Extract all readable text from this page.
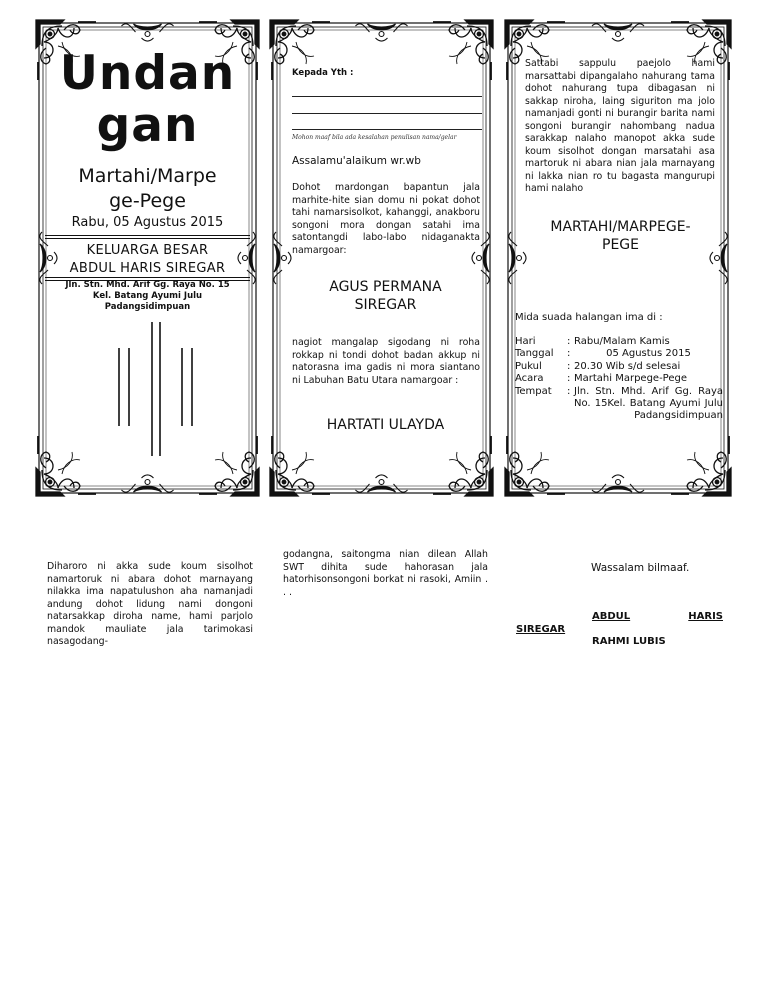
Undan
gan
Martahi/Marpe
ge-Pege
Rabu, 05 Agustus 2015
KELUARGA BESAR
ABDUL HARIS SIREGAR
Jln. Stn. Mhd. Arif Gg. Raya No. 15
Kel. Batang Ayumi Julu
Padangsidimpuan
Kepada Yth :
Mohon maaf bila ada kesalahan penulisan nama/gelar
Assalamu'alaikum wr.wb
Dohot mardongan bapantun jala marhite-hite sian domu ni pokat dohot tahi namarsisolkot, kahanggi, anakboru songoni mora dongan satahi ima satontangdi labo-labo nidaganakta namargoar:
AGUS PERMANA
SIREGAR
nagiot mangalap sigodang ni roha rokkap ni tondi dohot badan akkup ni natorasna ima gadis ni mora siantano ni Labuhan Batu Utara namargoar :
HARTATI ULAYDA
Sattabi sappulu paejolo hami marsattabi dipangalaho nahurang tama dohot nahurang tupa dibagasan ni sakkap niroha, laing siguriton ma jolo namanjadi gonti ni burangir barita nami songoni burangir nahombang nadua sarakkap nalaho manopot akka sude koum sisolhot dongan marsatahi asa martoruk ni abara nian jala marnayang ni lakka nian ro tu bagasta mangurupi hami nalaho
MARTAHI/MARPEGE-
PEGE
Mida suada halangan ima di :
Hari	:	Rabu/Malam Kamis
Tanggal	:	05 Agustus 2015
Pukul	:	20.30 Wib s/d selesai
Acara	:	Martahi Marpege-Pege
Tempat	:	Jln. Stn. Mhd. Arif Gg. Raya No. 15Kel. Batang Ayumi Julu Padangsidimpuan
Diharoro ni akka sude koum sisolhot namartoruk ni abara dohot marnayang nilakka ima napatulushon aha namanjadi andung dohot lidung nami dongoni natarsakkap diroha name, hami parjolo mandok mauliate jala tarimokasi nasagodang-
godangna, saitongma nian dilean Allah SWT dihita sude hahorasan jala hatorhisonsongoni borkat ni rasoki, Amiin . . .
Wassalam bilmaaf.
ABDUL	HARIS
SIREGAR
RAHMI LUBIS
